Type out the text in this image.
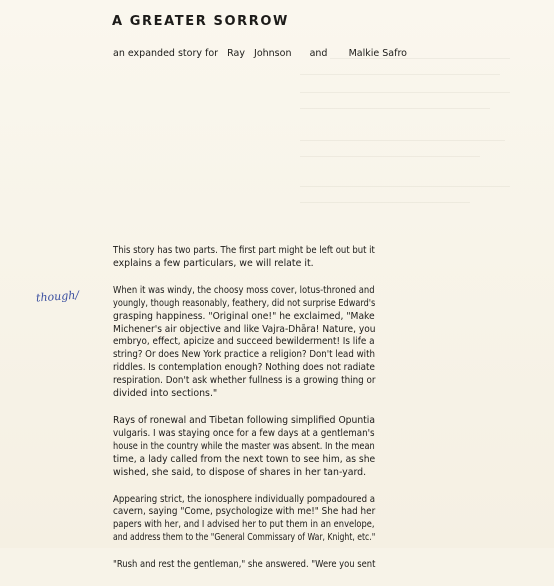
A GREATER SORROW
an expanded story for Ray   Johnson and Malkie Safro
though/

This story has two parts. The first part might be left out but it
explains a few particulars, we will relate it.

When it was windy, the choosy moss cover, lotus-throned and
youngly, though reasonably, feathery, did not surprise Edward's
grasping happiness. "Original one!" he exclaimed, "Make
Michener's air objective and like Vajra-Dhāra! Nature, you
embryo, effect, apicize and succeed bewilderment! Is life a
string? Or does New York practice a religion? Don't lead with
riddles. Is contemplation enough? Nothing does not radiate
respiration. Don't ask whether fullness is a growing thing or
divided into sections."

Rays of ronewal and Tibetan following simplified Opuntia
vulgaris. I was staying once for a few days at a gentleman's
house in the country while the master was absent. In the mean
time, a lady called from the next town to see him, as she
wished, she said, to dispose of shares in her tan-yard.

Appearing strict, the ionosphere individually pompadoured a
cavern, saying "Come, psychologize with me!" She had her
papers with her, and I advised her to put them in an envelope,
and address them to the "General Commissary of War, Knight, etc."

"Rush and rest the gentleman," she answered. "Were you sent
